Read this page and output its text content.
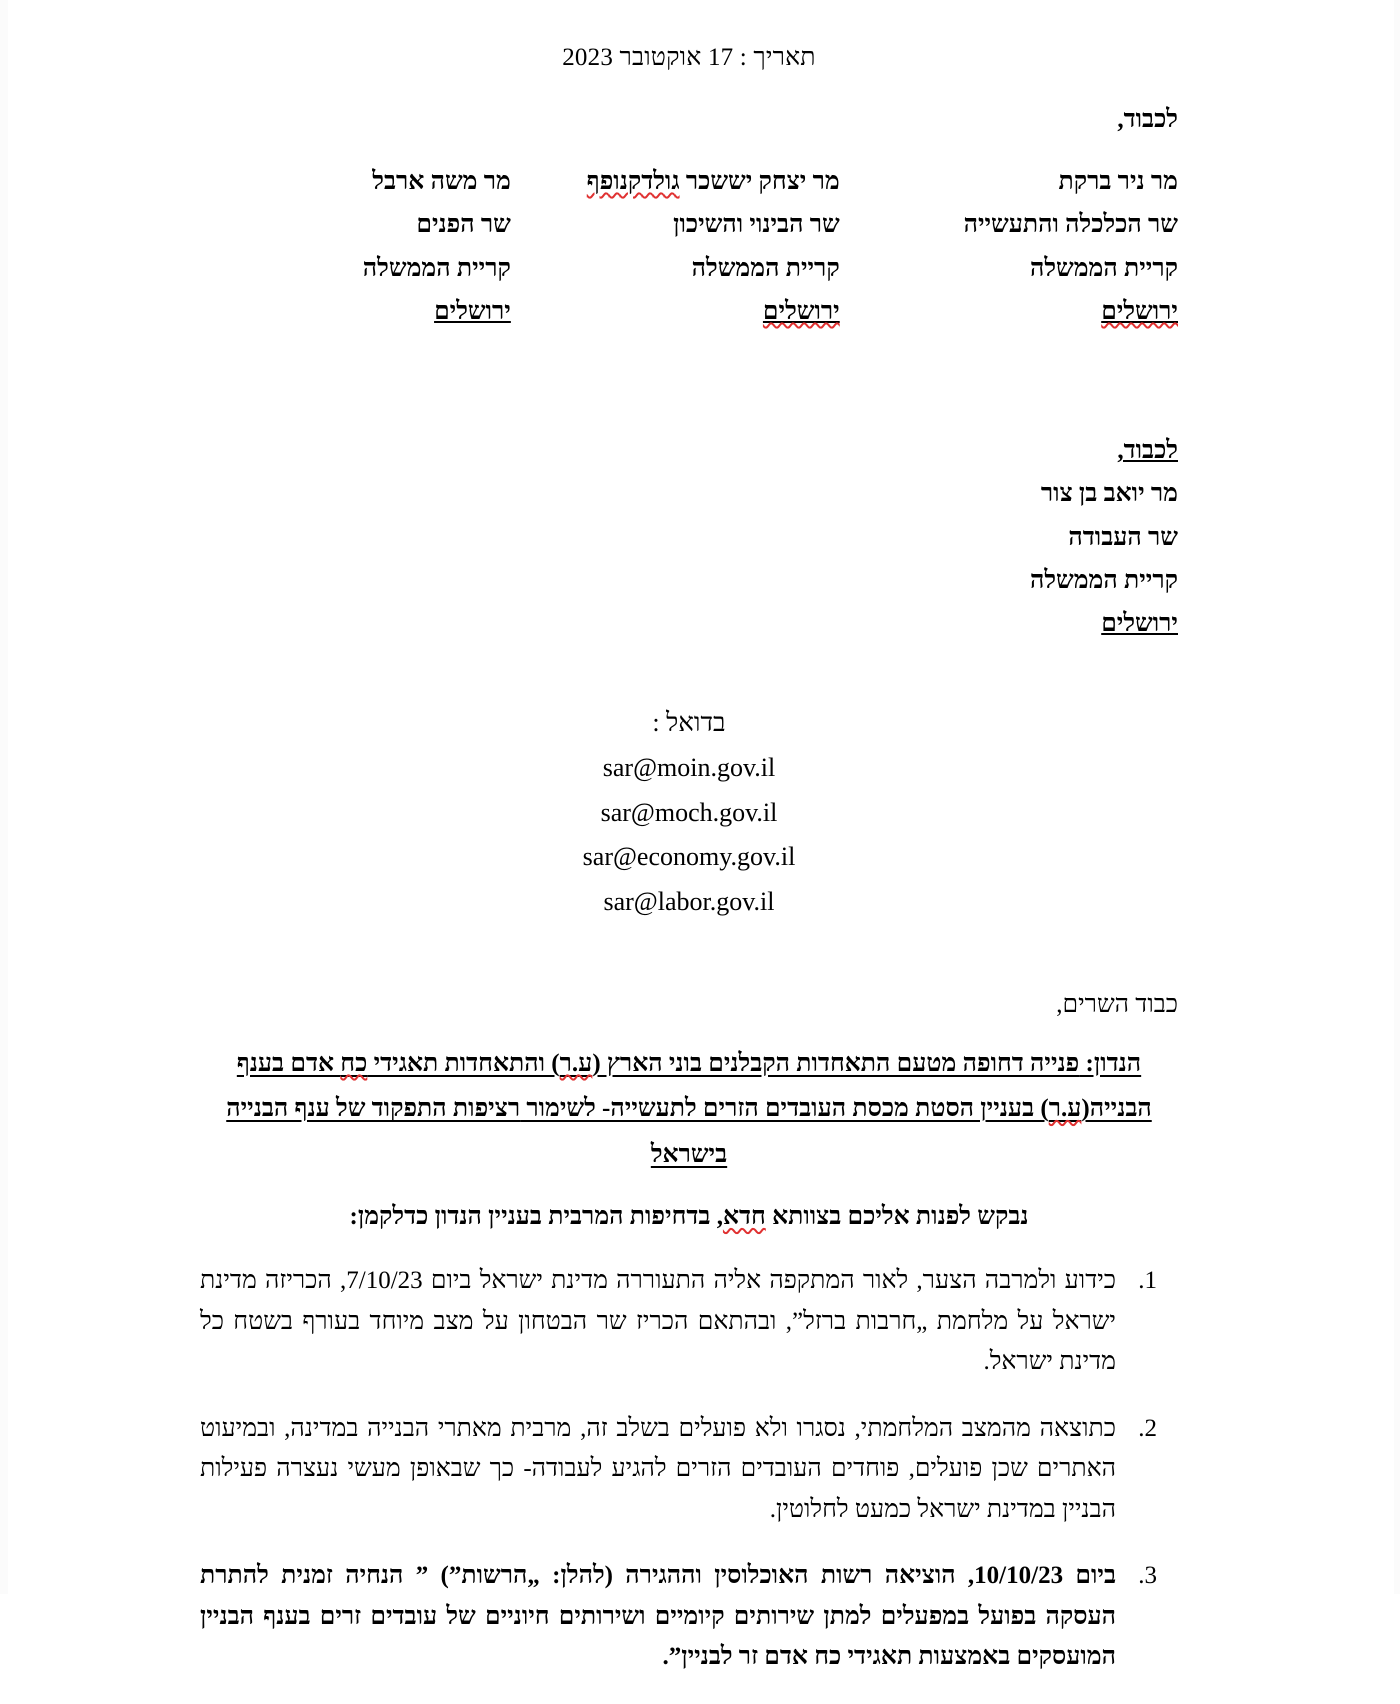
תאריך : 17 אוקטובר 2023
לכבוד,
מר ניר ברקת
שר הכלכלה והתעשייה
קריית הממשלה
ירושלים
מר יצחק יששכר גולדקנופף
שר הבינוי והשיכון
קריית הממשלה
ירושלים
מר משה ארבל
שר הפנים
קריית הממשלה
ירושלים
לכבוד,
מר יואב בן צור
שר העבודה
קריית הממשלה
ירושלים
בדואל :
sar@moin.gov.il
sar@moch.gov.il
sar@economy.gov.il
sar@labor.gov.il
כבוד השרים,
הנדון: פנייה דחופה מטעם התאחדות הקבלנים בוני הארץ (ע.ר) והתאחדות תאגידי כח אדם בענף הבנייה(ע.ר) בעניין הסטת מכסת העובדים הזרים לתעשייה- לשימור רציפות התפקוד של ענף הבנייה בישראל
נבקש לפנות אליכם בצוותא חדא, בדחיפות המרבית בעניין הנדון כדלקמן:
1. כידוע ולמרבה הצער, לאור המתקפה אליה התעוררה מדינת ישראל ביום 7/10/23, הכריזה מדינת ישראל על מלחמת „חרבות ברזל”, ובהתאם הכריז שר הבטחון על מצב מיוחד בעורף בשטח כל מדינת ישראל.
2. כתוצאה מהמצב המלחמתי, נסגרו ולא פועלים בשלב זה, מרבית מאתרי הבנייה במדינה, ובמיעוט האתרים שכן פועלים, פוחדים העובדים הזרים להגיע לעבודה- כך שבאופן מעשי נעצרה פעילות הבניין במדינת ישראל כמעט לחלוטין.
3. ביום 10/10/23, הוציאה רשות האוכלוסין וההגירה (להלן: „הרשות”) ” הנחיה זמנית להתרת העסקה בפועל במפעלים למתן שירותים קיומיים ושירותים חיוניים של עובדים זרים בענף הבניין המועסקים באמצעות תאגידי כח אדם זר לבניין”.
